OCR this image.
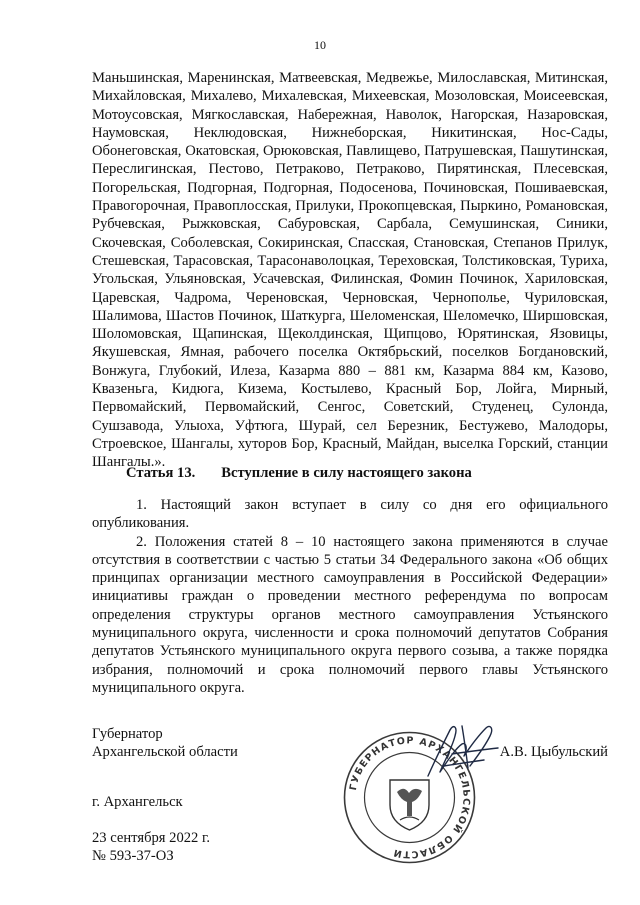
10
Маньшинская, Маренинская, Матвеевская, Медвежье, Милославская, Митинская, Михайловская, Михалево, Михалевская, Михеевская, Мозоловская, Моисеевская, Мотоусовская, Мягкославская, Набережная, Наволок, Нагорская, Назаровская, Наумовская, Неклюдовская, Нижнеборская, Никитинская, Нос-Сады, Обонеговская, Окатовская, Орюковская, Павлищево, Патрушевская, Пашутинская, Переслигинская, Пестово, Петраково, Петраково, Пирятинская, Плесевская, Погорельская, Подгорная, Подгорная, Подосенова, Починовская, Пошиваевская, Правогорочная, Правоплосская, Прилуки, Прокопцевская, Пыркино, Романовская, Рубчевская, Рыжковская, Сабуровская, Сарбала, Семушинская, Синики, Скочевская, Соболевская, Сокиринская, Спасская, Становская, Степанов Прилук, Стешевская, Тарасовская, Тарасонаволоцкая, Тереховская, Толстиковская, Туриха, Угольская, Ульяновская, Усачевская, Филинская, Фомин Починок, Хариловская, Царевская, Чадрома, Череновская, Черновская, Чернополье, Чуриловская, Шалимова, Шастов Починок, Шаткурга, Шеломенская, Шеломечко, Ширшовская, Шоломовская, Щапинская, Щеколдинская, Щипцово, Юрятинская, Язовицы, Якушевская, Ямная, рабочего поселка Октябрьский, поселков Богдановский, Вонжуга, Глубокий, Илеза, Казарма 880 – 881 км, Казарма 884 км, Казово, Квазеньга, Кидюга, Кизема, Костылево, Красный Бор, Лойга, Мирный, Первомайский, Первомайский, Сенгос, Советский, Студенец, Сулонда, Сушзавода, Улыоха, Уфтюга, Шурай, сел Березник, Бестужево, Малодоры, Строевское, Шангалы, хуторов Бор, Красный, Майдан, выселка Горский, станции Шангалы.».
Статья 13. Вступление в силу настоящего закона

1. Настоящий закон вступает в силу со дня его официального опубликования.

2. Положения статей 8 – 10 настоящего закона применяются в случае отсутствия в соответствии с частью 5 статьи 34 Федерального закона «Об общих принципах организации местного самоуправления в Российской Федерации» инициативы граждан о проведении местного референдума по вопросам определения структуры органов местного самоуправления Устьянского муниципального округа, численности и срока полномочий депутатов Собрания депутатов Устьянского муниципального округа первого созыва, а также порядка избрания, полномочий и срока полномочий первого главы Устьянского муниципального округа.

Губернатор
Архангельской области	А.В. Цыбульский
ГУБЕРНАТОР АРХАНГЕЛЬСКОЙ ОБЛАСТИ
г. Архангельск
23 сентября 2022 г.
№ 593-37-ОЗ
